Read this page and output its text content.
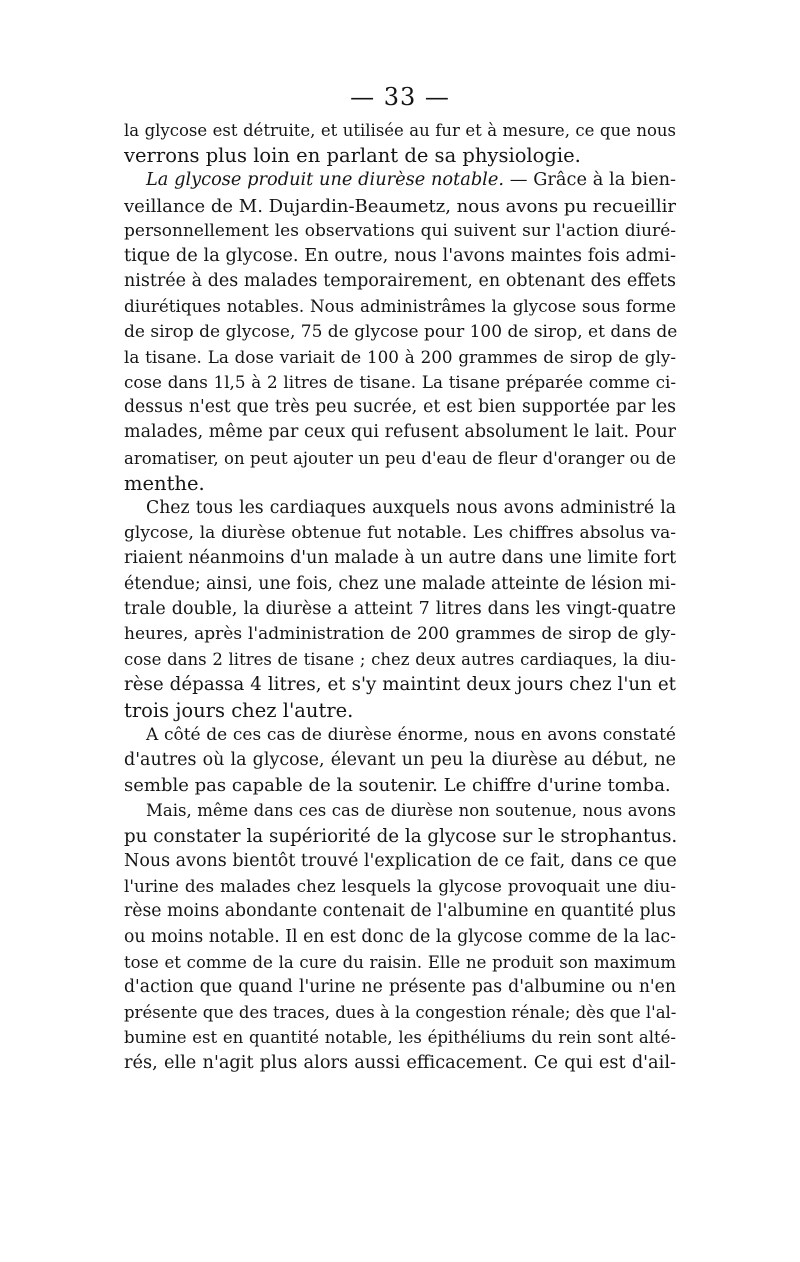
— 33 —
la glycose est détruite, et utilisée au fur et à mesure, ce que nous
verrons plus loin en parlant de sa physiologie.
La glycose produit une diurèse notable. — Grâce à la bien-
veillance de M. Dujardin-Beaumetz, nous avons pu recueillir
personnellement les observations qui suivent sur l'action diuré-
tique de la glycose. En outre, nous l'avons maintes fois admi-
nistrée à des malades temporairement, en obtenant des effets
diurétiques notables. Nous administrâmes la glycose sous forme
de sirop de glycose, 75 de glycose pour 100 de sirop, et dans de
la tisane. La dose variait de 100 à 200 grammes de sirop de gly-
cose dans 1l,5 à 2 litres de tisane. La tisane préparée comme ci-
dessus n'est que très peu sucrée, et est bien supportée par les
malades, même par ceux qui refusent absolument le lait. Pour
aromatiser, on peut ajouter un peu d'eau de fleur d'oranger ou de
menthe.
Chez tous les cardiaques auxquels nous avons administré la
glycose, la diurèse obtenue fut notable. Les chiffres absolus va-
riaient néanmoins d'un malade à un autre dans une limite fort
étendue; ainsi, une fois, chez une malade atteinte de lésion mi-
trale double, la diurèse a atteint 7 litres dans les vingt-quatre
heures, après l'administration de 200 grammes de sirop de gly-
cose dans 2 litres de tisane ; chez deux autres cardiaques, la diu-
rèse dépassa 4 litres, et s'y maintint deux jours chez l'un et
trois jours chez l'autre.
A côté de ces cas de diurèse énorme, nous en avons constaté
d'autres où la glycose, élevant un peu la diurèse au début, ne
semble pas capable de la soutenir. Le chiffre d'urine tomba.
Mais, même dans ces cas de diurèse non soutenue, nous avons
pu constater la supériorité de la glycose sur le strophantus.
Nous avons bientôt trouvé l'explication de ce fait, dans ce que
l'urine des malades chez lesquels la glycose provoquait une diu-
rèse moins abondante contenait de l'albumine en quantité plus
ou moins notable. Il en est donc de la glycose comme de la lac-
tose et comme de la cure du raisin. Elle ne produit son maximum
d'action que quand l'urine ne présente pas d'albumine ou n'en
présente que des traces, dues à la congestion rénale; dès que l'al-
bumine est en quantité notable, les épithéliums du rein sont alté-
rés, elle n'agit plus alors aussi efficacement. Ce qui est d'ail-
